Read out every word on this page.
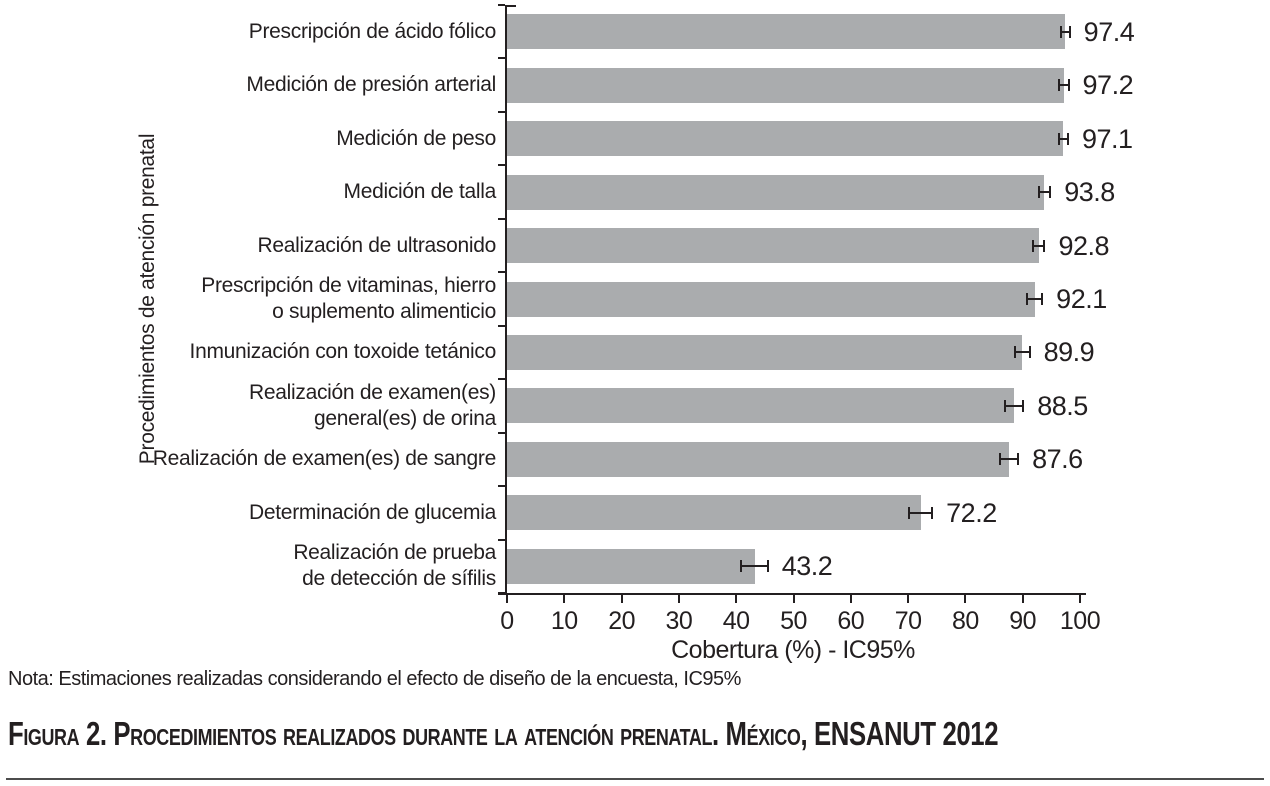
0	10	20	30	40	50	60	70	80	90 100
97.4
Prescripción de ácido fólico
97.2
Medición de presión arterial
97.1
Medición de peso
93.8
Medición de talla
92.8
Realización de ultrasonido
92.1
Prescripción de vitaminas, hierro
o suplemento alimenticio
89.9
Inmunización con toxoide tetánico
88.5
Realización de examen(es)
general(es) de orina
87.6
Realización de examen(es) de sangre
72.2
Determinación de glucemia
43.2
Realización de prueba
de detección de sífilis
Procedimientos de atención prenatal
Cobertura (%) - IC95%
Nota: Estimaciones realizadas considerando el efecto de diseño de la encuesta, IC95%
Figura 2. Procedimientos realizados durante la atención prenatal. México, ENSANUT 2012
